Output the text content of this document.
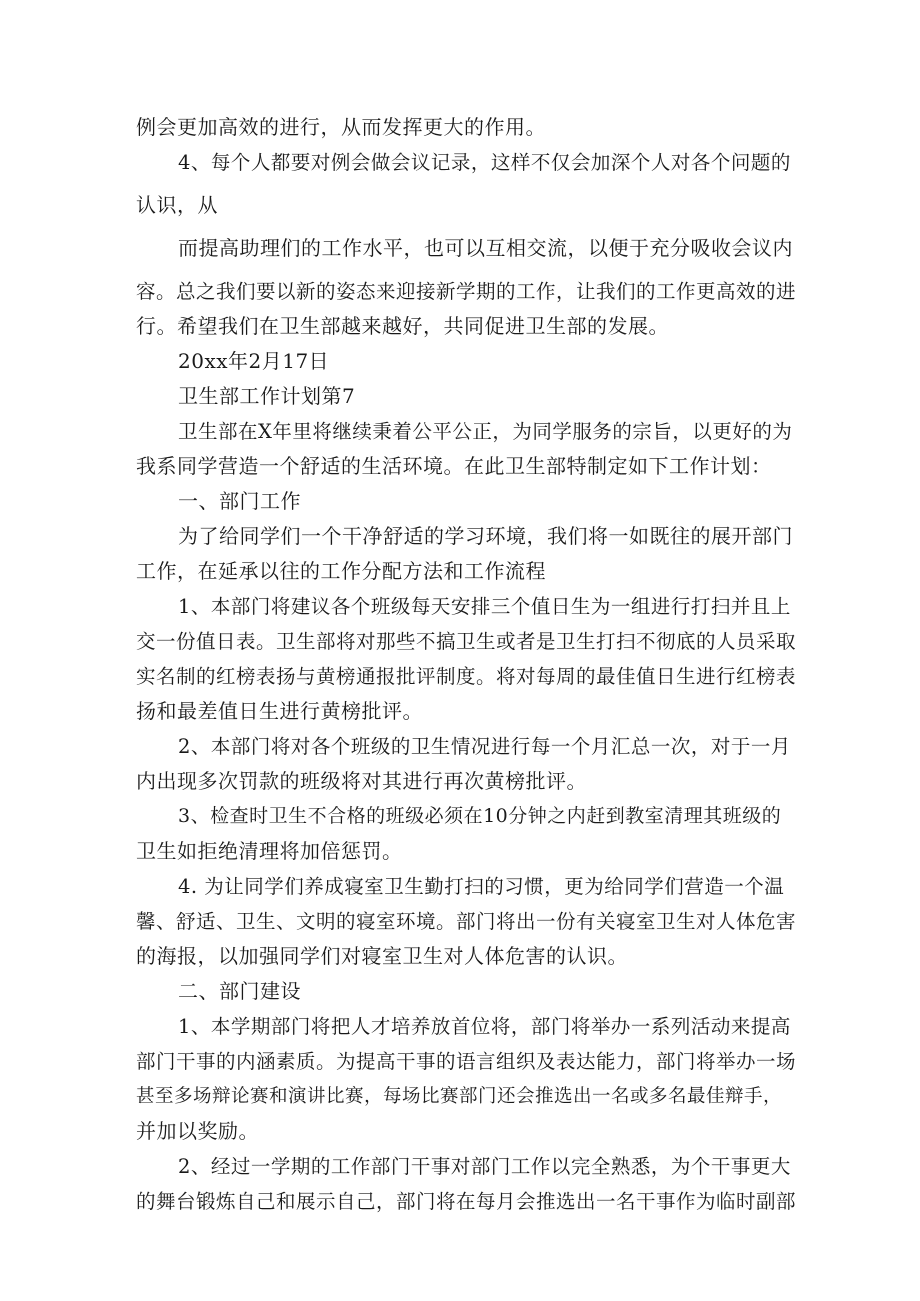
例会更加高效的进行，从而发挥更大的作用。
4、每个人都要对例会做会议记录，这样不仅会加深个人对各个问题的
认识，从
而提高助理们的工作水平，也可以互相交流，以便于充分吸收会议内
容。总之我们要以新的姿态来迎接新学期的工作，让我们的工作更高效的进
行。希望我们在卫生部越来越好，共同促进卫生部的发展。
20xx年2月17日
卫生部工作计划第7
卫生部在X年里将继续秉着公平公正，为同学服务的宗旨，以更好的为
我系同学营造一个舒适的生活环境。在此卫生部特制定如下工作计划：
一、部门工作
为了给同学们一个干净舒适的学习环境，我们将一如既往的展开部门
工作，在延承以往的工作分配方法和工作流程
1、本部门将建议各个班级每天安排三个值日生为一组进行打扫并且上
交一份值日表。卫生部将对那些不搞卫生或者是卫生打扫不彻底的人员采取
实名制的红榜表扬与黄榜通报批评制度。将对每周的最佳值日生进行红榜表
扬和最差值日生进行黄榜批评。
2、本部门将对各个班级的卫生情况进行每一个月汇总一次，对于一月
内出现多次罚款的班级将对其进行再次黄榜批评。
3、检查时卫生不合格的班级必须在10分钟之内赶到教室清理其班级的
卫生如拒绝清理将加倍惩罚。
4. 为让同学们养成寝室卫生勤打扫的习惯，更为给同学们营造一个温
馨、舒适、卫生、文明的寝室环境。部门将出一份有关寝室卫生对人体危害
的海报，以加强同学们对寝室卫生对人体危害的认识。
二、部门建设
1、本学期部门将把人才培养放首位将，部门将举办一系列活动来提高
部门干事的内涵素质。为提高干事的语言组织及表达能力，部门将举办一场
甚至多场辩论赛和演讲比赛，每场比赛部门还会推选出一名或多名最佳辩手，
并加以奖励。
2、经过一学期的工作部门干事对部门工作以完全熟悉，为个干事更大
的舞台锻炼自己和展示自己，部门将在每月会推选出一名干事作为临时副部
